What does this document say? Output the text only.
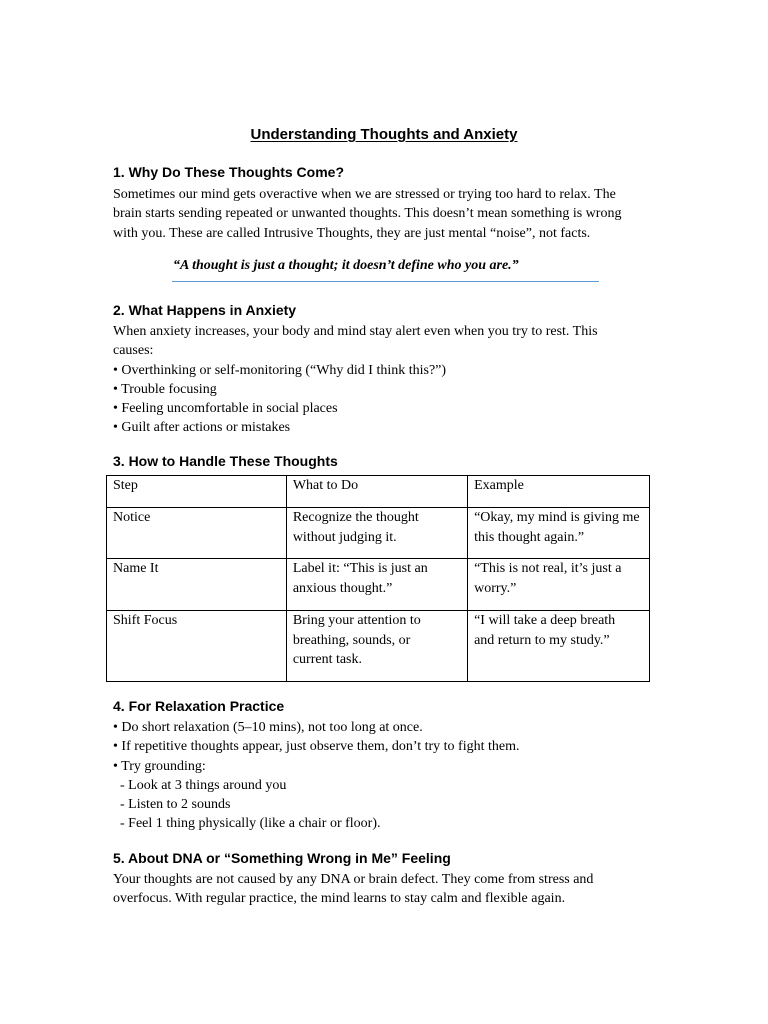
Understanding Thoughts and Anxiety
1. Why Do These Thoughts Come?
Sometimes our mind gets overactive when we are stressed or trying too hard to relax. The
brain starts sending repeated or unwanted thoughts. This doesn’t mean something is wrong
with you. These are called Intrusive Thoughts, they are just mental “noise”, not facts.
“A thought is just a thought; it doesn’t define who you are.”
2. What Happens in Anxiety
When anxiety increases, your body and mind stay alert even when you try to rest. This
causes:
• Overthinking or self-monitoring (“Why did I think this?”)
• Trouble focusing
• Feeling uncomfortable in social places
• Guilt after actions or mistakes
3. How to Handle These Thoughts
Step	What to Do	Example

Notice	Recognize the thought
without judging it.	“Okay, my mind is giving me
this thought again.”

Name It	Label it: “This is just an
anxious thought.”	“This is not real, it’s just a
worry.”

Shift Focus	Bring your attention to
breathing, sounds, or
current task.	“I will take a deep breath
and return to my study.”
4. For Relaxation Practice
• Do short relaxation (5–10 mins), not too long at once.
• If repetitive thoughts appear, just observe them, don’t try to fight them.
• Try grounding:
- Look at 3 things around you
- Listen to 2 sounds
- Feel 1 thing physically (like a chair or floor).
5. About DNA or “Something Wrong in Me” Feeling
Your thoughts are not caused by any DNA or brain defect. They come from stress and
overfocus. With regular practice, the mind learns to stay calm and flexible again.
